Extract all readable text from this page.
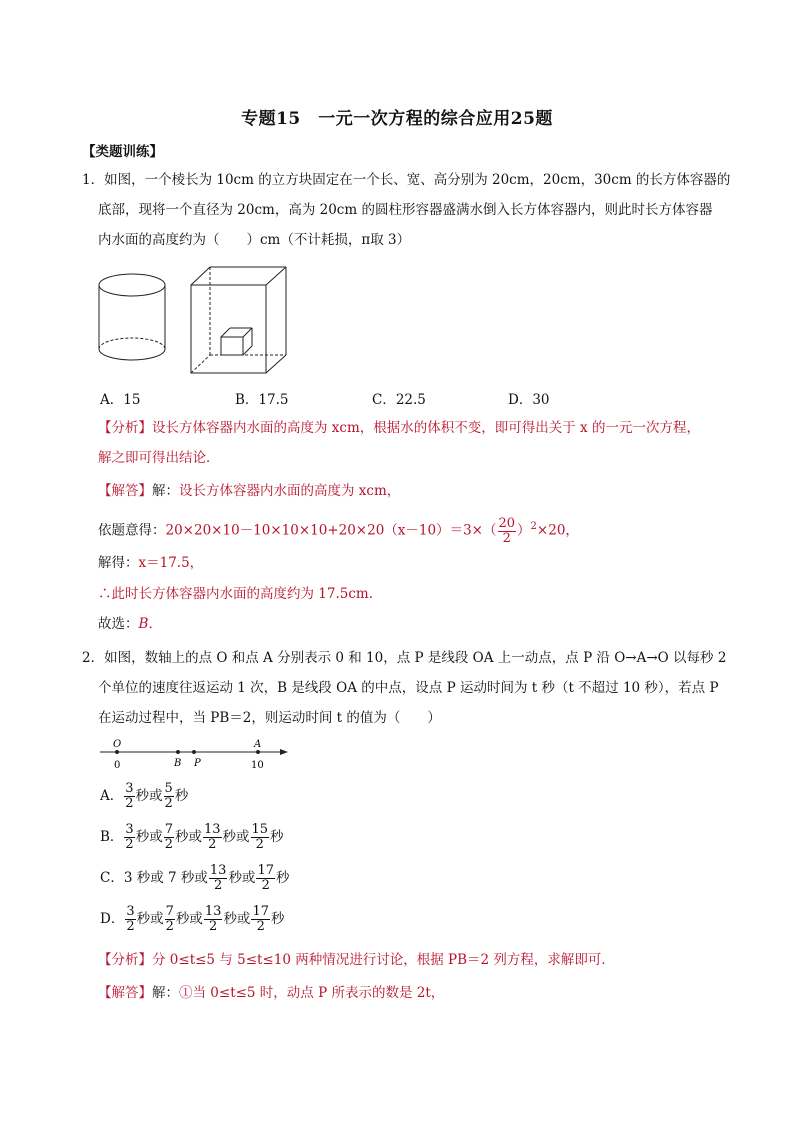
专题15　一元一次方程的综合应用25题
【类题训练】
1．如图，一个棱长为 10cm 的立方块固定在一个长、宽、高分别为 20cm，20cm，30cm 的长方体容器的
底部，现将一个直径为 20cm，高为 20cm 的圆柱形容器盛满水倒入长方体容器内，则此时长方体容器
内水面的高度约为（　　）cm（不计耗损，π取 3）
A．15	B．17.5	C．22.5	D．30
【分析】设长方体容器内水面的高度为 xcm，根据水的体积不变，即可得出关于 x 的一元一次方程，
解之即可得出结论．
【解答】解：设长方体容器内水面的高度为 xcm，
依题意得：$20\times 20\times 10-10\times 10\times 10+20\times 20(x-10)=3\times( \frac{20}{2} )^2\times 20$，
解得：x＝17.5，
∴此时长方体容器内水面的高度约为 17.5cm．
故选：B．
2．如图，数轴上的点 O 和点 A 分别表示 0 和 10，点 P 是线段 OA 上一动点，点 P 沿 O→A→O 以每秒 2
个单位的速度往返运动 1 次，B 是线段 OA 的中点，设点 P 运动时间为 t 秒（t 不超过 10 秒），若点 P
在运动过程中，当 PB＝2，则运动时间 t 的值为（　　）
O	A
0	10
B P
A． $\frac{3}{2}$ 秒或 $\frac{5}{2}$ 秒
B． $\frac{3}{2}$ 秒或 $\frac{7}{2}$ 秒或 $\frac{13}{2}$ 秒或 $\frac{15}{2}$ 秒
C．3 秒或 7 秒或 $\frac{13}{2}$ 秒或 $\frac{17}{2}$ 秒
D． $\frac{3}{2}$ 秒或 $\frac{7}{2}$ 秒或 $\frac{13}{2}$ 秒或 $\frac{17}{2}$ 秒
【分析】分 0≤t≤5 与 5≤t≤10 两种情况进行讨论，根据 PB＝2 列方程，求解即可．
【解答】解：①当 0≤t≤5 时，动点 P 所表示的数是 2t，
